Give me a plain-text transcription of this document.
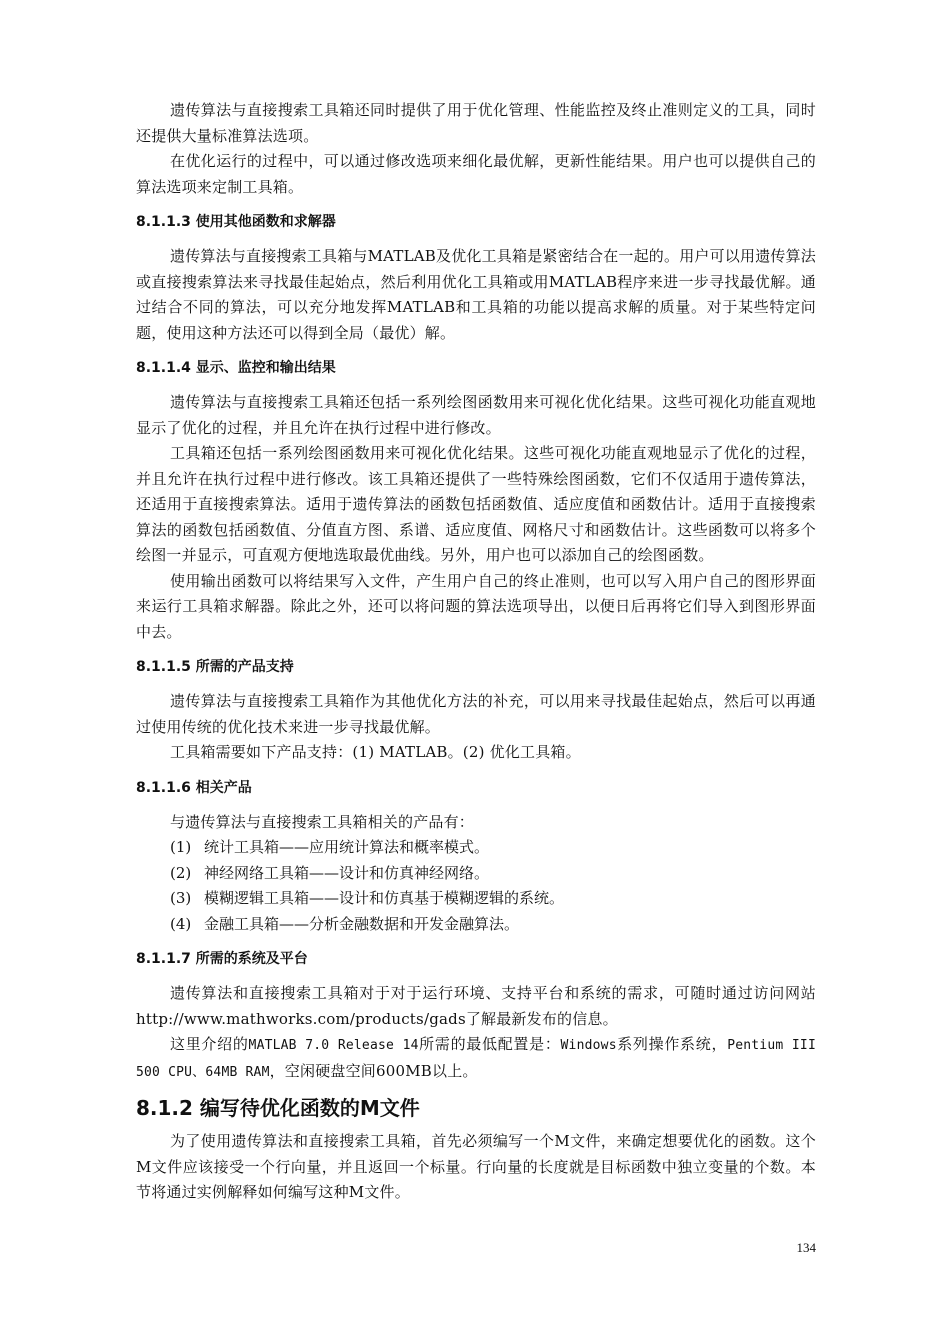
遗传算法与直接搜索工具箱还同时提供了用于优化管理、性能监控及终止准则定义的工具，同时还提供大量标准算法选项。

在优化运行的过程中，可以通过修改选项来细化最优解，更新性能结果。用户也可以提供自己的算法选项来定制工具箱。

8.1.1.3 使用其他函数和求解器

遗传算法与直接搜索工具箱与MATLAB及优化工具箱是紧密结合在一起的。用户可以用遗传算法或直接搜索算法来寻找最佳起始点，然后利用优化工具箱或用MATLAB程序来进一步寻找最优解。通过结合不同的算法，可以充分地发挥MATLAB和工具箱的功能以提高求解的质量。对于某些特定问题，使用这种方法还可以得到全局（最优）解。

8.1.1.4 显示、监控和输出结果

遗传算法与直接搜索工具箱还包括一系列绘图函数用来可视化优化结果。这些可视化功能直观地显示了优化的过程，并且允许在执行过程中进行修改。

工具箱还包括一系列绘图函数用来可视化优化结果。这些可视化功能直观地显示了优化的过程，并且允许在执行过程中进行修改。该工具箱还提供了一些特殊绘图函数，它们不仅适用于遗传算法，还适用于直接搜索算法。适用于遗传算法的函数包括函数值、适应度值和函数估计。适用于直接搜索算法的函数包括函数值、分值直方图、系谱、适应度值、网格尺寸和函数估计。这些函数可以将多个绘图一并显示，可直观方便地选取最优曲线。另外，用户也可以添加自己的绘图函数。

使用输出函数可以将结果写入文件，产生用户自己的终止准则，也可以写入用户自己的图形界面来运行工具箱求解器。除此之外，还可以将问题的算法选项导出，以便日后再将它们导入到图形界面中去。

8.1.1.5 所需的产品支持

遗传算法与直接搜索工具箱作为其他优化方法的补充，可以用来寻找最佳起始点，然后可以再通过使用传统的优化技术来进一步寻找最优解。

工具箱需要如下产品支持：(1) MATLAB。(2) 优化工具箱。

8.1.1.6 相关产品

与遗传算法与直接搜索工具箱相关的产品有：

(1) 统计工具箱——应用统计算法和概率模式。
(2) 神经网络工具箱——设计和仿真神经网络。
(3) 模糊逻辑工具箱——设计和仿真基于模糊逻辑的系统。
(4) 金融工具箱——分析金融数据和开发金融算法。
8.1.1.7 所需的系统及平台

遗传算法和直接搜索工具箱对于对于运行环境、支持平台和系统的需求，可随时通过访问网站http://www.mathworks.com/products/gads了解最新发布的信息。

这里介绍的MATLAB 7.0 Release 14所需的最低配置是：Windows系列操作系统，Pentium III 500 CPU、64MB RAM，空闲硬盘空间600MB以上。

8.1.2 编写待优化函数的M文件

为了使用遗传算法和直接搜索工具箱，首先必须编写一个M文件，来确定想要优化的函数。这个M文件应该接受一个行向量，并且返回一个标量。行向量的长度就是目标函数中独立变量的个数。本节将通过实例解释如何编写这种M文件。

134
